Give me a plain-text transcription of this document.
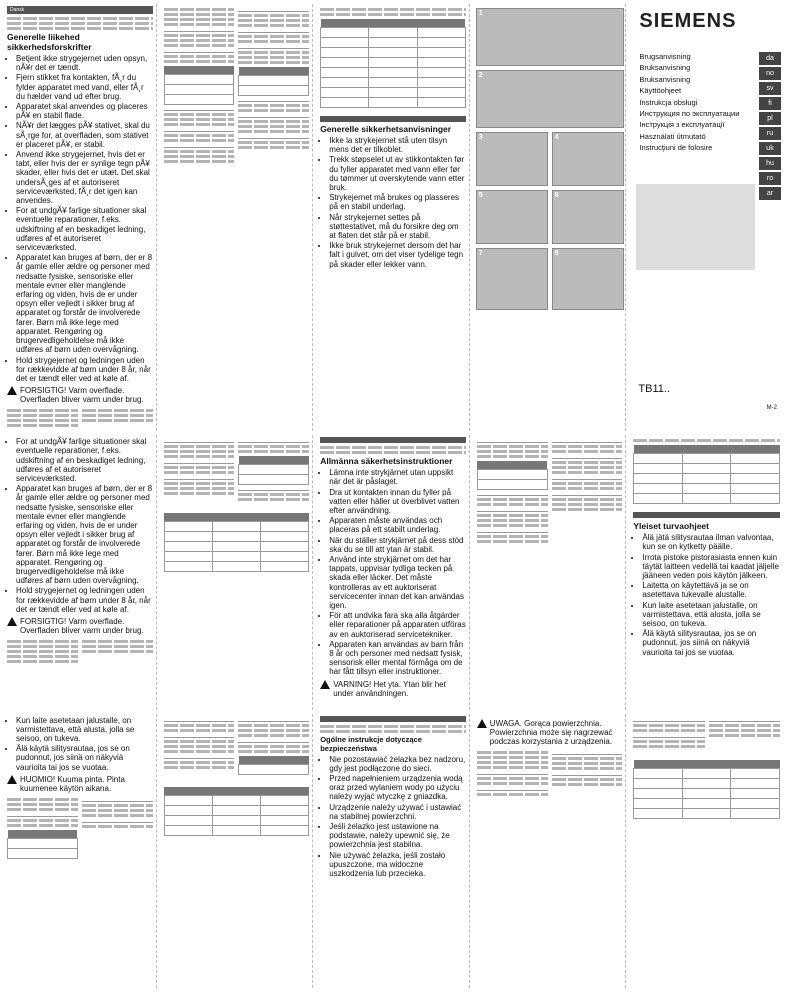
Dansk
Generelle liikehed sikkerhedsforskrifter
• Betjent ikke strygejernet uden opsyn, nÃ¥r det er tændt.
• Fjern stikket fra kontakten, fÃ¸r du fylder apparatet med vand, eller fÃ¸r du hælder vand ud efter brug.
• Apparatet skal anvendes og placeres pÃ¥ en stabil flade.
• NÃ¥r det lægges pÃ¥ stativet, skal du sÃ¸rge for, at overfladen, som stativet er placeret pÃ¥, er stabil.
• Anvend ikke strygejernet, hvis det er tabt, eller hvis der er synlige tegn pÃ¥ skader, eller hvis det er utæt. Det skal undersÃ¸ges af et autoriseret serviceværksted, fÃ¸r det igen kan anvendes.
• For at undgÃ¥ farlige situationer skal eventuelle reparationer, f.eks. udskiftning af en beskadiget ledning, udføres af et autoriseret serviceværksted.
• Apparatet kan bruges af børn, der er 8 år gamle eller ældre og personer med nedsatte fysiske, sensoriske eller mentale evner eller manglende erfaring og viden, hvis de er under opsyn eller vejledt i sikker brug af apparatet og forstår de involverede farer. Børn må ikke lege med apparatet. Rengøring og brugervedligeholdelse må ikke udføres af børn uden overvågning.
• Hold strygejernet og ledningen uden for rækkevidde af børn under 8 år, når det er tændt eller ved at køle af.
FORSIGTIG! Varm overflade. Overfladen bliver varm under brug.

Generelle sikkerhetsanvisninger
• Ikke la strykejernet stå uten tilsyn mens det er tilkoblet.
• Trekk støpselet ut av stikkontakten før du fyller apparatet med vann eller før du tømmer ut overskytende vann etter bruk.
• Strykejernet må brukes og plasseres på en stabil underlag.
• Når strykejernet settes på støttestativet, må du forsikre deg om at flaten det står på er stabil.
• Ikke bruk strykejernet dersom det har falt i gulvet, om det viser tydelige tegn på skader eller lekker vann.
1
2
3	4
5	6
7	8
SIEMENS
Brugsanvisning
Bruksanvisning
Bruksanvisning
Käyttöohjeet
Instrukcja obsługi
Инструкция по эксплуатации
Інструкція з експлуатації
Használati útmutató
Instrucţiuni de folosire
da
no
sv
fi
pl
ru
uk
hu
ro
ar
TB11..
M-2
• For at undgÃ¥ farlige situationer skal eventuelle reparationer, f.eks. udskiftning af en beskadiget ledning, udføres af et autoriseret serviceværksted.
• Apparatet kan bruges af børn, der er 8 år gamle eller ældre og personer med nedsatte fysiske, sensoriske eller mentale evner eller manglende erfaring og viden, hvis de er under opsyn eller vejledt i sikker brug af apparatet og forstår de involverede farer. Børn må ikke lege med apparatet. Rengøring og brugervedligeholdelse må ikke udføres af børn uden overvågning.
• Hold strygejernet og ledningen uden for rækkevidde af børn under 8 år, når det er tændt eller ved at køle af.
FORSIGTIG! Varm overflade. Overfladen bliver varm under brug.

Allmänna säkerhetsinstruktioner
• Lämna inte strykjärnet utan uppsikt när det är påslaget.
• Dra ut kontakten innan du fyller på vatten eller häller ut överblivet vatten efter användning.
• Apparaten måste användas och placeras på ett stabilt underlag.
• När du ställer strykjärnet på dess stöd ska du se till att ytan är stabil.
• Använd inte strykjärnet om det har tappats, uppvisar tydliga tecken på skada eller läcker. Det måste kontrolleras av ett auktoriserat servicecenter innan det kan användas igen.
• För att undvika fara ska alla åtgärder eller reparationer på apparaten utföras av en auktoriserad servicetekniker.
• Apparaten kan användas av barn från 8 år och personer med nedsatt fysisk, sensorisk eller mental förmåga om de har fått tillsyn eller instruktioner.
VARNING! Het yta. Ytan blir het under användningen.

Yleiset turvaohjeet
• Älä jätä silitysrautaa ilman valvontaa, kun se on kytketty päälle.
• Irrota pistoke pistorasiasta ennen kuin täytät laitteen vedellä tai kaadat jäljelle jääneen veden pois käytön jälkeen.
• Laitetta on käytettävä ja se on asetettava tukevalle alustalle.
• Kun laite asetetaan jalustalle, on varmistettava, että alusta, jolla se seisoo, on tukeva.
• Älä käytä silitysrautaa, jos se on pudonnut, jos siinä on näkyviä vaurioita tai jos se vuotaa.
• Kun laite asetetaan jalustalle, on varmistettava, että alusta, jolla se seisoo, on tukeva.
• Älä käytä silitysrautaa, jos se on pudonnut, jos siinä on näkyviä vaurioita tai jos se vuotaa.
HUOMIO! Kuuma pinta. Pinta kuumenee käytön aikana.

Ogólne instrukcje dotyczące bezpieczeństwa
• Nie pozostawiać żelazka bez nadzoru, gdy jest podłączone do sieci.
• Przed napełnieniem urządzenia wodą oraz przed wylaniem wody po użyciu należy wyjąć wtyczkę z gniazdka.
• Urządzenie należy używać i ustawiać na stabilnej powierzchni.
• Jeśli żelazko jest ustawione na podstawie, należy upewnić się, że powierzchnia jest stabilna.
• Nie używać żelazka, jeśli zostało upuszczone, ma widoczne uszkodzenia lub przecieka.
UWAGA. Gorąca powierzchnia. Powierzchnia może się nagrzewać podczas korzystania z urządzenia.
